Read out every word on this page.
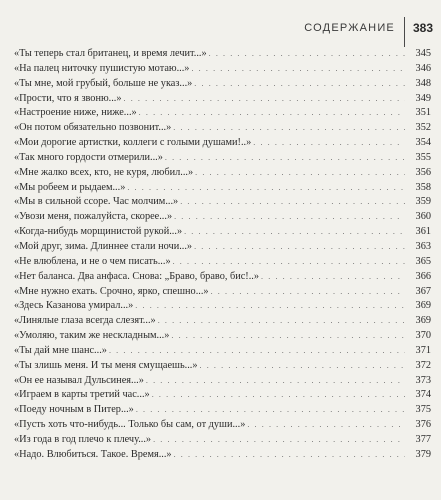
СОДЕРЖАНИЕ	383
«Ты теперь стал британец, и время лечит...» . . .	345
«На палец ниточку пушистую мотаю...» . . .	346
«Ты мне, мой грубый, больше не указ...» . . .	348
«Прости, что я звоню...» . . .	349
«Настроение ниже, ниже...» . . .	351
«Он потом обязательно позвонит...» . . .	352
«Мои дорогие артистки, коллеги с голыми душами!..» . . .	354
«Так много гордости отмерили...» . . .	355
«Мне жалко всех, кто, не куря, любил...» . . .	356
«Мы робеем и рыдаем...» . . .	358
«Мы в сильной ссоре. Час молчим...» . . .	359
«Увози меня, пожалуйста, скорее...» . . .	360
«Когда-нибудь морщинистой рукой...» . . .	361
«Мой друг, зима. Длиннее стали ночи...» . . .	363
«Не влюблена, и не о чем писать...» . . .	365
«Нет баланса. Два анфаса. Снова: „Браво, браво, бис!..» . . .	366
«Мне нужно ехать. Срочно, ярко, спешно...» . . .	367
«Здесь Казанова умирал...» . . .	369
«Линялые глаза всегда слезят...» . . .	369
«Умоляю, таким же нескладным...» . . .	370
«Ты дай мне шанс...» . . .	371
«Ты злишь меня. И ты меня смущаешь...» . . .	372
«Он ее называл Дульсинея...» . . .	373
«Играем в карты третий час...» . . .	374
«Поеду ночным в Питер...» . . .	375
«Пусть хоть что-нибудь... Только бы сам, от души...» . . .	376
«Из года в год плечо к плечу...» . . .	377
«Надо. Влюбиться. Такое. Время...» . . .	379
